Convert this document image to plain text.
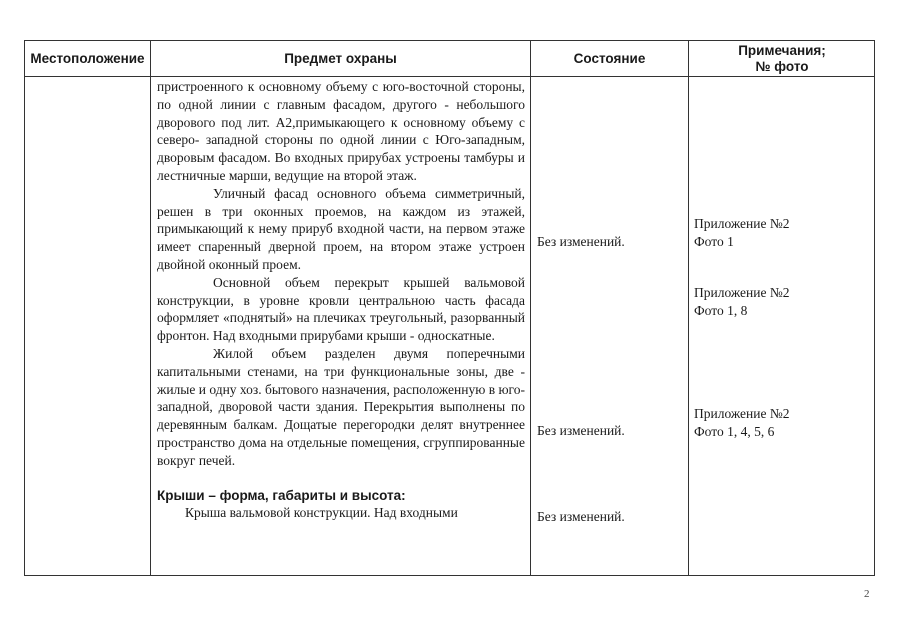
Местоположение	Предмет охраны	Состояние
Примечания;
№ фото

пристроенного к основному объему с юго-восточной стороны, по одной линии с главным фасадом, другого - небольшого дворового под лит. А2,примыкающего к основному объему с северо- западной стороны по одной линии с Юго-западным, дворовым фасадом. Во входных прирубах устроены тамбуры и лестничные марши, ведущие на второй этаж.

Уличный фасад основного объема симметричный, решен в три оконных проемов, на каждом из этажей, примыкающий к нему прируб входной части, на первом этаже имеет спаренный дверной проем, на втором этаже устроен двойной оконный проем.

Основной объем перекрыт крышей вальмовой конструкции, в уровне кровли центральною часть фасада оформляет «поднятый» на плечиках треугольный, разорванный фронтон. Над входными прирубами крыши - односкатные.

Жилой объем разделен двумя поперечными капитальными стенами, на три функциональные зоны, две - жилые и одну хоз. бытового назначения, расположенную в юго-западной, дворовой части здания. Перекрытия выполнены по деревянным балкам. Дощатые перегородки делят внутреннее пространство дома на отдельные помещения, сгруппированные вокруг печей.

Крыши – форма, габариты и высота:

Крыша вальмовой конструкции. Над входными

Без изменений.
Без изменений.
Без изменений.
Приложение №2
Фото 1
Приложение №2
Фото 1, 8
Приложение №2
Фото 1, 4, 5, 6
2
